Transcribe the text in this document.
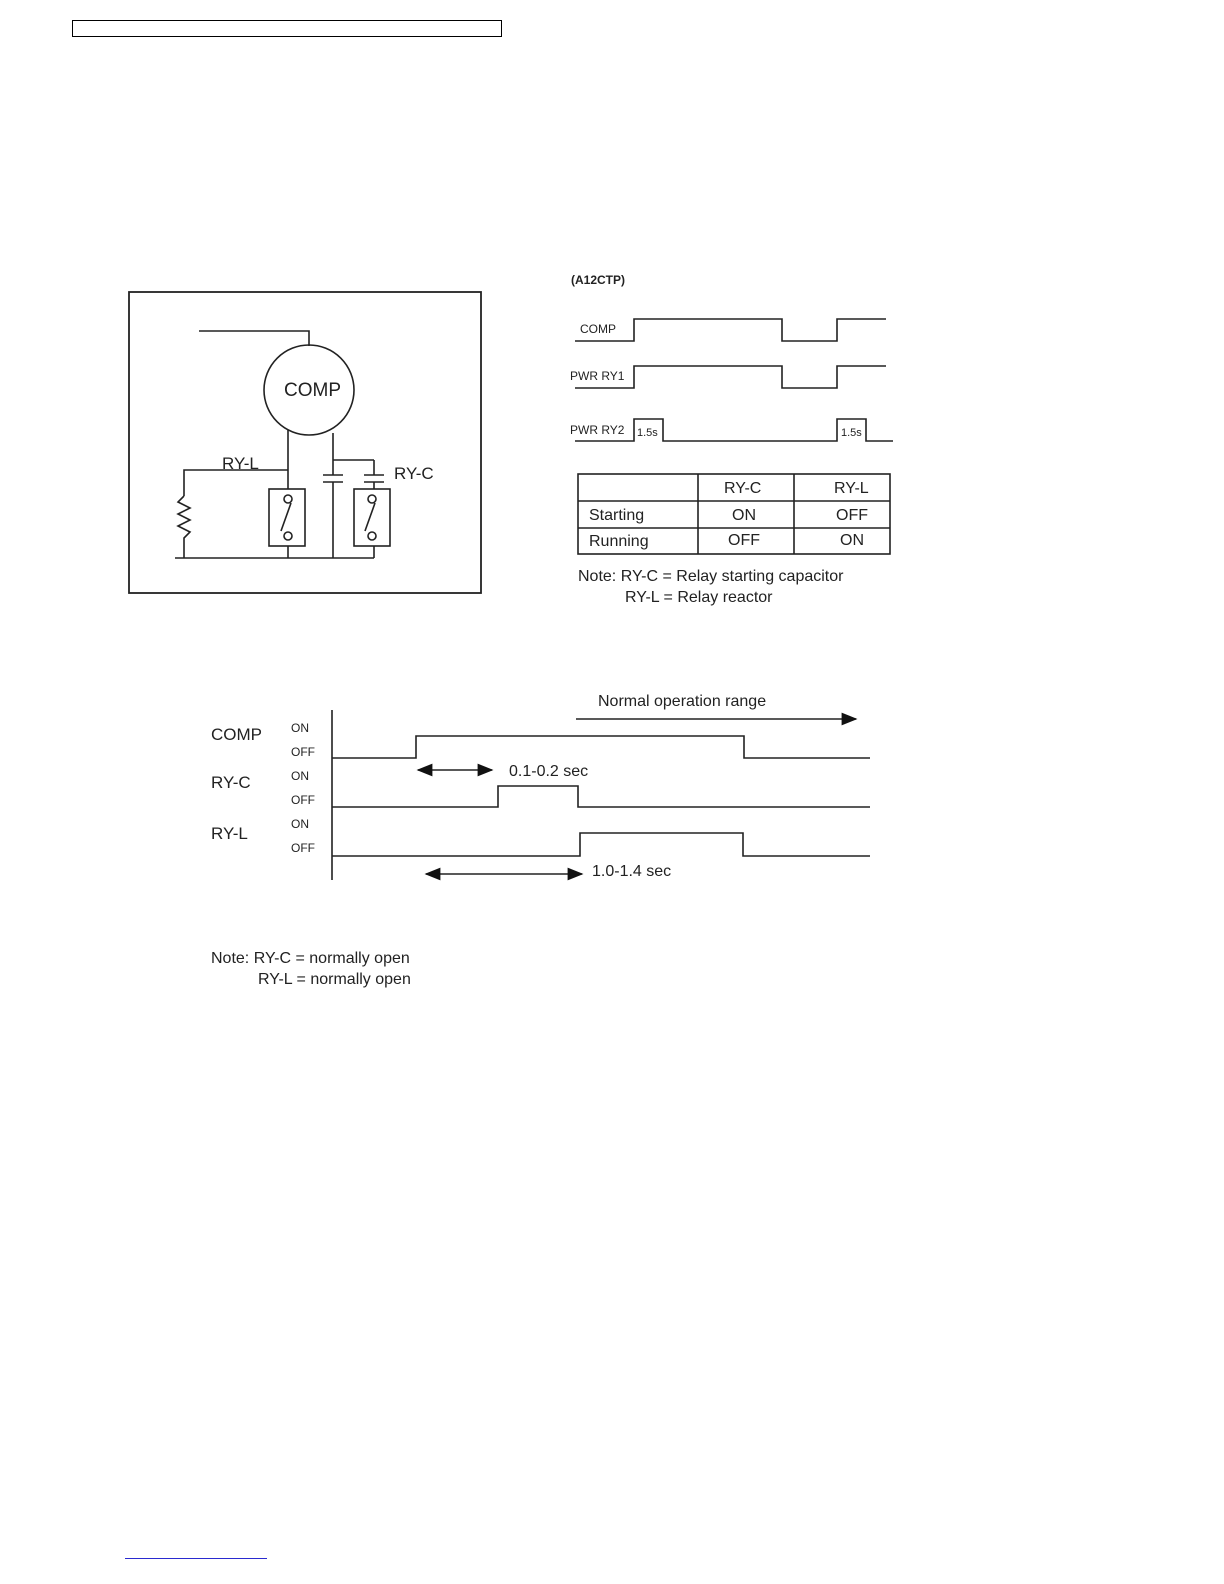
COMP
RY-L
RY-C
(A12CTP)
COMP
PWR RY1
PWR RY2 1.5s	1.5s
RY-C	RY-L
Starting	ON	OFF
Running	OFF	ON
Note: RY-C = Relay starting capacitor
RY-L = Relay reactor
Normal operation range
COMP ON
OFF
RY-C	ON
OFF
RY-L	ON
OFF
0.1-0.2 sec
1.0-1.4 sec
Note: RY-C = normally open
RY-L = normally open
